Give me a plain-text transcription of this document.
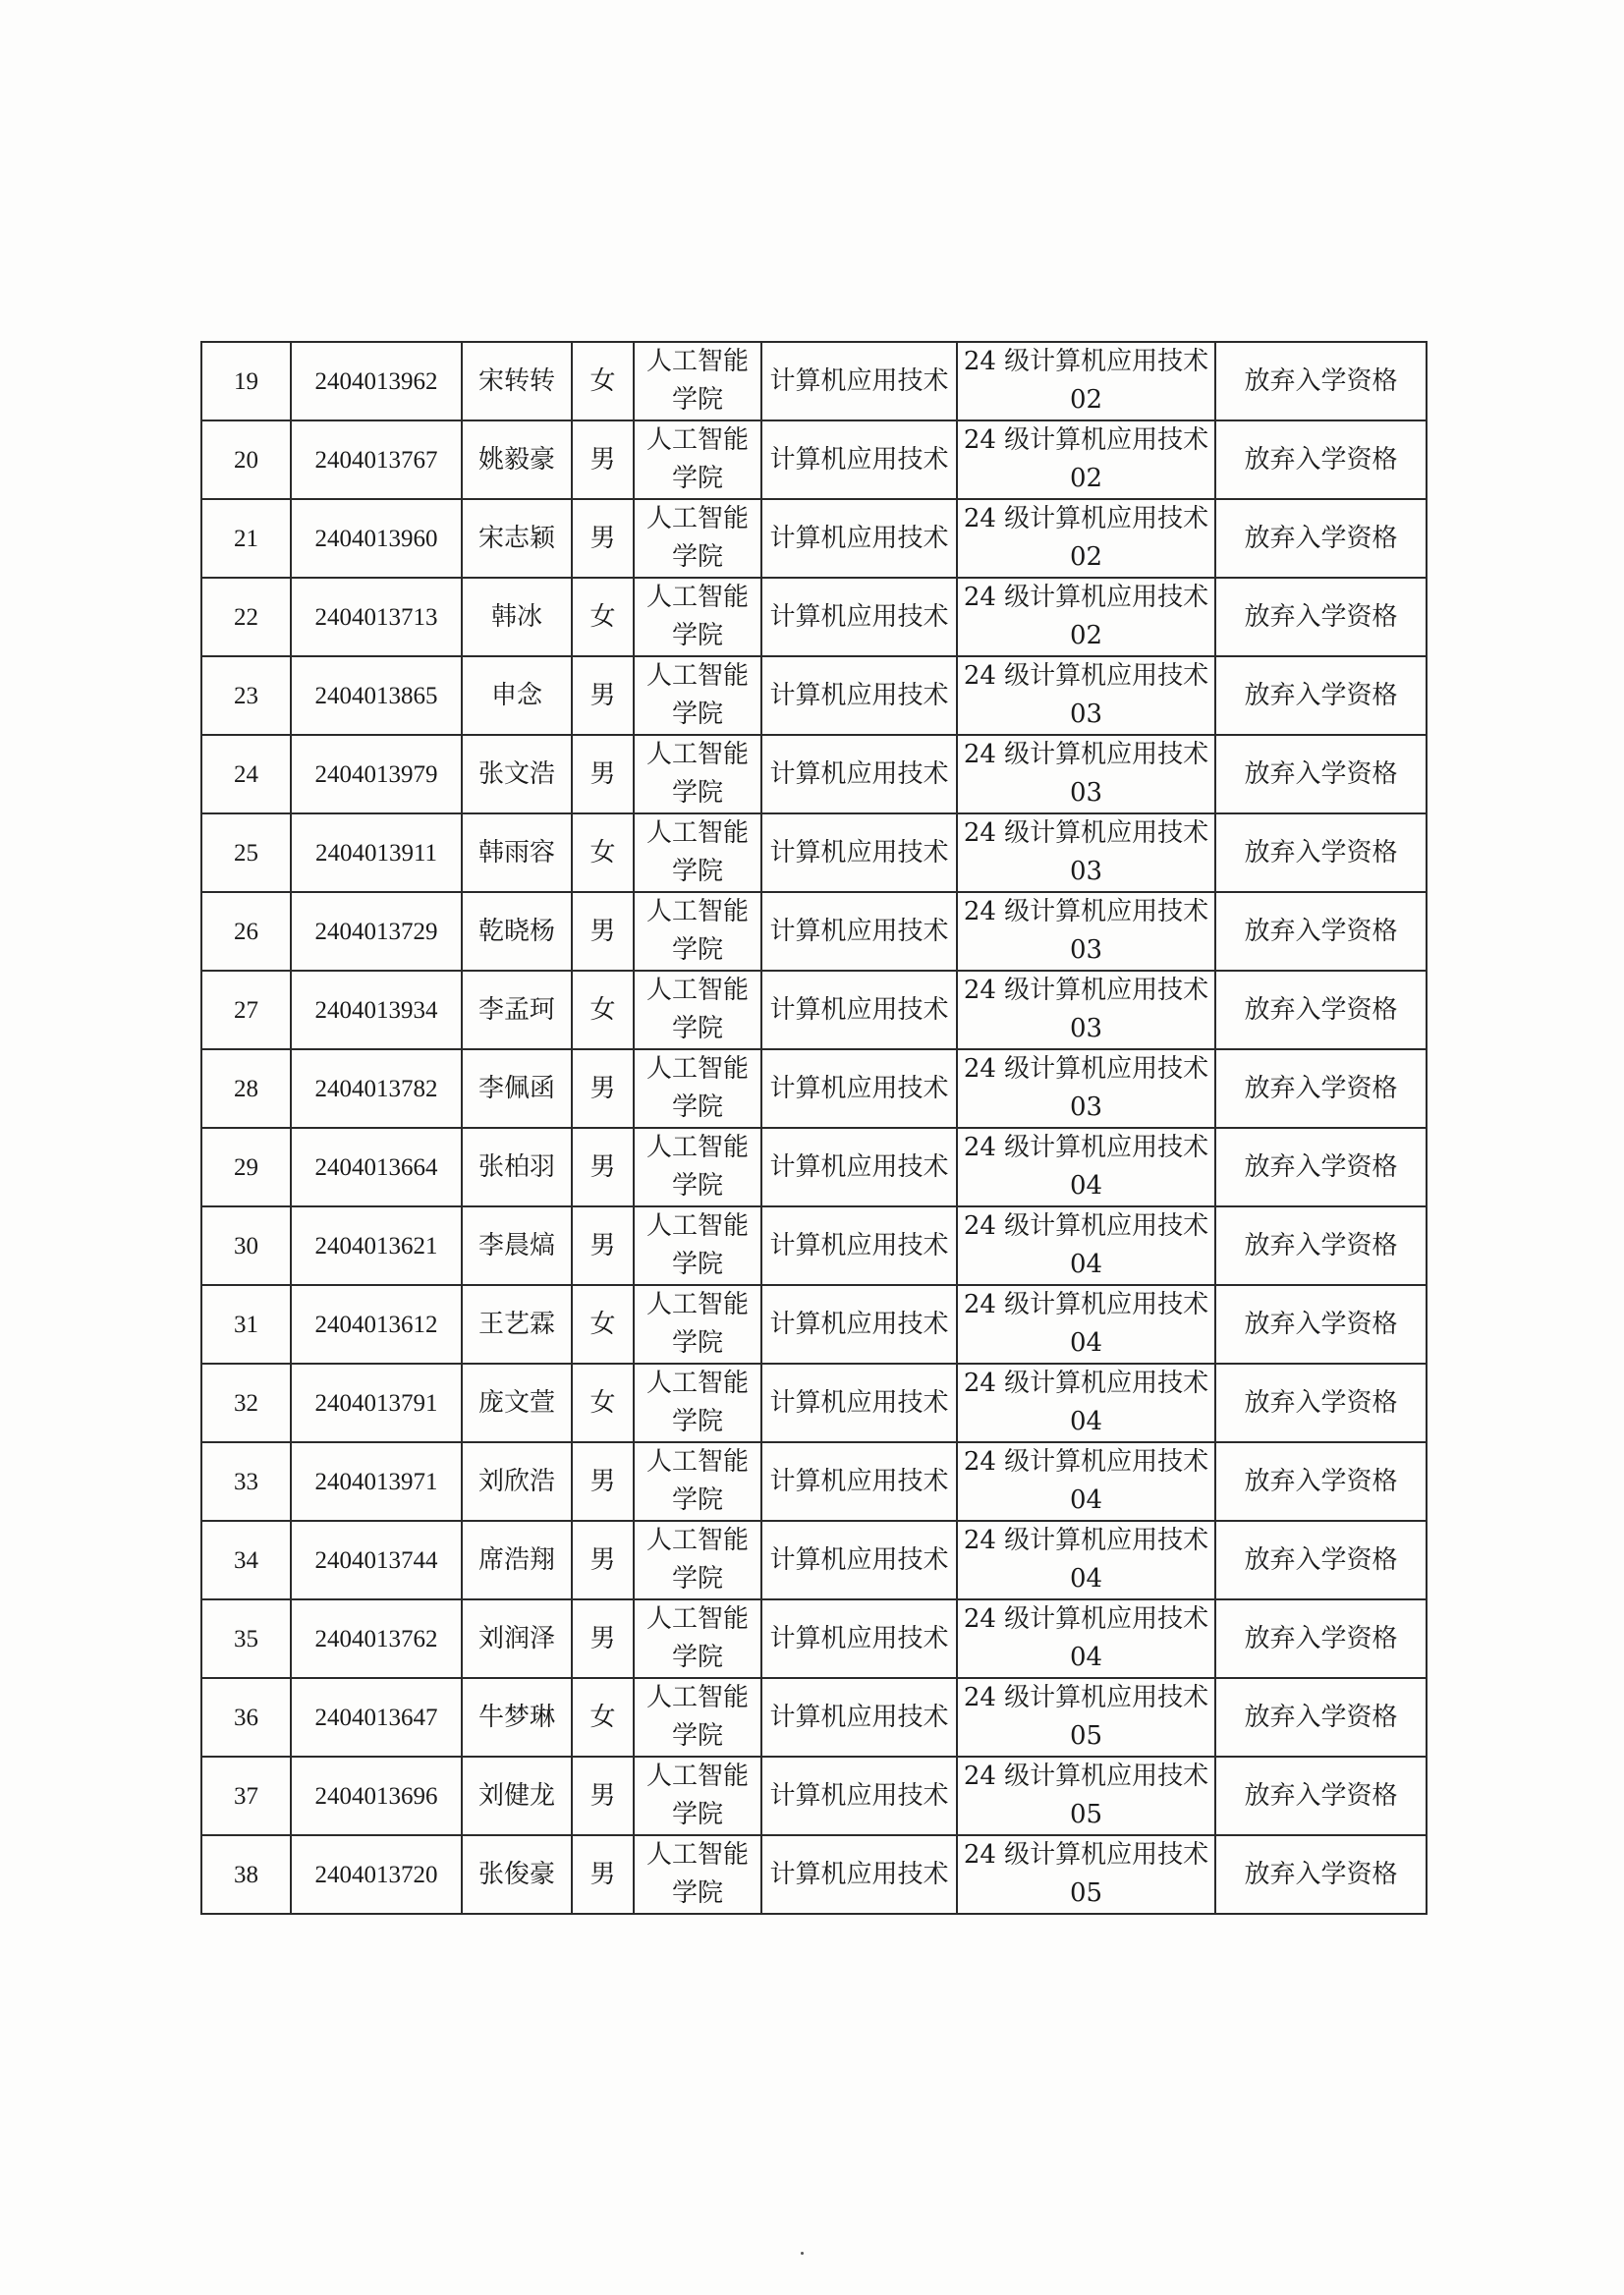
19	2404013962	宋转转	女	人工智能学院	计算机应用技术	24 级计算机应用技术 02	放弃入学资格
20	2404013767	姚毅豪	男	人工智能学院	计算机应用技术	24 级计算机应用技术 02	放弃入学资格
21	2404013960	宋志颖	男	人工智能学院	计算机应用技术	24 级计算机应用技术 02	放弃入学资格
22	2404013713	韩冰	女	人工智能学院	计算机应用技术	24 级计算机应用技术 02	放弃入学资格
23	2404013865	申念	男	人工智能学院	计算机应用技术	24 级计算机应用技术 03	放弃入学资格
24	2404013979	张文浩	男	人工智能学院	计算机应用技术	24 级计算机应用技术 03	放弃入学资格
25	2404013911	韩雨容	女	人工智能学院	计算机应用技术	24 级计算机应用技术 03	放弃入学资格
26	2404013729	乾晓杨	男	人工智能学院	计算机应用技术	24 级计算机应用技术 03	放弃入学资格
27	2404013934	李孟珂	女	人工智能学院	计算机应用技术	24 级计算机应用技术 03	放弃入学资格
28	2404013782	李佩函	男	人工智能学院	计算机应用技术	24 级计算机应用技术 03	放弃入学资格
29	2404013664	张柏羽	男	人工智能学院	计算机应用技术	24 级计算机应用技术 04	放弃入学资格
30	2404013621	李晨熇	男	人工智能学院	计算机应用技术	24 级计算机应用技术 04	放弃入学资格
31	2404013612	王艺霖	女	人工智能学院	计算机应用技术	24 级计算机应用技术 04	放弃入学资格
32	2404013791	庞文萱	女	人工智能学院	计算机应用技术	24 级计算机应用技术 04	放弃入学资格
33	2404013971	刘欣浩	男	人工智能学院	计算机应用技术	24 级计算机应用技术 04	放弃入学资格
34	2404013744	席浩翔	男	人工智能学院	计算机应用技术	24 级计算机应用技术 04	放弃入学资格
35	2404013762	刘润泽	男	人工智能学院	计算机应用技术	24 级计算机应用技术 04	放弃入学资格
36	2404013647	牛梦琳	女	人工智能学院	计算机应用技术	24 级计算机应用技术 05	放弃入学资格
37	2404013696	刘健龙	男	人工智能学院	计算机应用技术	24 级计算机应用技术 05	放弃入学资格
38	2404013720	张俊豪	男	人工智能学院	计算机应用技术	24 级计算机应用技术 05	放弃入学资格
